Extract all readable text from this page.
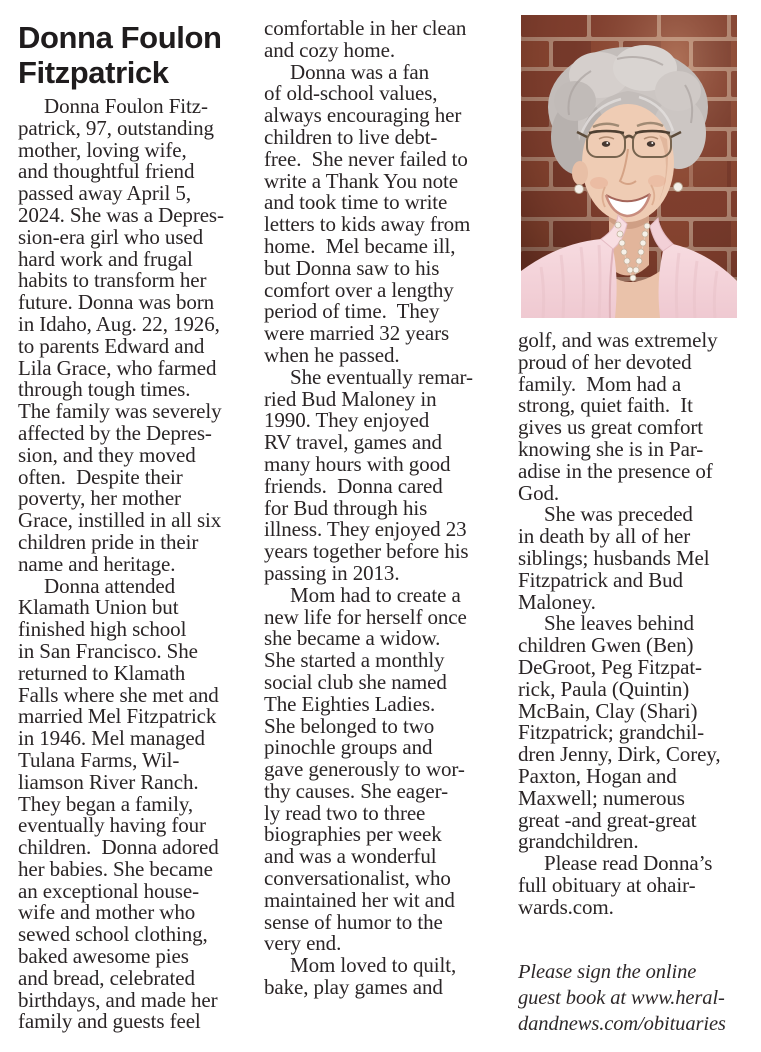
Donna Foulon
Fitzpatrick
Donna Foulon Fitz-
patrick, 97, outstanding
mother, loving wife,
and thoughtful friend
passed away April 5,
2024. She was a Depres-
sion-era girl who used
hard work and frugal
habits to transform her
future. Donna was born
in Idaho, Aug. 22, 1926,
to parents Edward and
Lila Grace, who farmed
through tough times.
The family was severely
affected by the Depres-
sion, and they moved
often.  Despite their
poverty, her mother
Grace, instilled in all six
children pride in their
name and heritage.
Donna attended
Klamath Union but
finished high school
in San Francisco. She
returned to Klamath
Falls where she met and
married Mel Fitzpatrick
in 1946. Mel managed
Tulana Farms, Wil-
liamson River Ranch.
They began a family,
eventually having four
children.  Donna adored
her babies. She became
an exceptional house-
wife and mother who
sewed school clothing,
baked awesome pies
and bread, celebrated
birthdays, and made her
family and guests feel
comfortable in her clean
and cozy home.
Donna was a fan
of old-school values,
always encouraging her
children to live debt-
free.  She never failed to
write a Thank You note
and took time to write
letters to kids away from
home.  Mel became ill,
but Donna saw to his
comfort over a lengthy
period of time.  They
were married 32 years
when he passed.
She eventually remar-
ried Bud Maloney in
1990. They enjoyed
RV travel, games and
many hours with good
friends.  Donna cared
for Bud through his
illness. They enjoyed 23
years together before his
passing in 2013.
Mom had to create a
new life for herself once
she became a widow.
She started a monthly
social club she named
The Eighties Ladies.
She belonged to two
pinochle groups and
gave generously to wor-
thy causes. She eager-
ly read two to three
biographies per week
and was a wonderful
conversationalist, who
maintained her wit and
sense of humor to the
very end.
Mom loved to quilt,
bake, play games and
golf, and was extremely
proud of her devoted
family.  Mom had a
strong, quiet faith.  It
gives us great comfort
knowing she is in Par-
adise in the presence of
God.
She was preceded
in death by all of her
siblings; husbands Mel
Fitzpatrick and Bud
Maloney.
She leaves behind
children Gwen (Ben)
DeGroot, Peg Fitzpat-
rick, Paula (Quintin)
McBain, Clay (Shari)
Fitzpatrick; grandchil-
dren Jenny, Dirk, Corey,
Paxton, Hogan and
Maxwell; numerous
great -and great-great
grandchildren.
Please read Donna’s
full obituary at ohair-
wards.com.
Please sign the online
guest book at www.heral-
dandnews.com/obituaries
